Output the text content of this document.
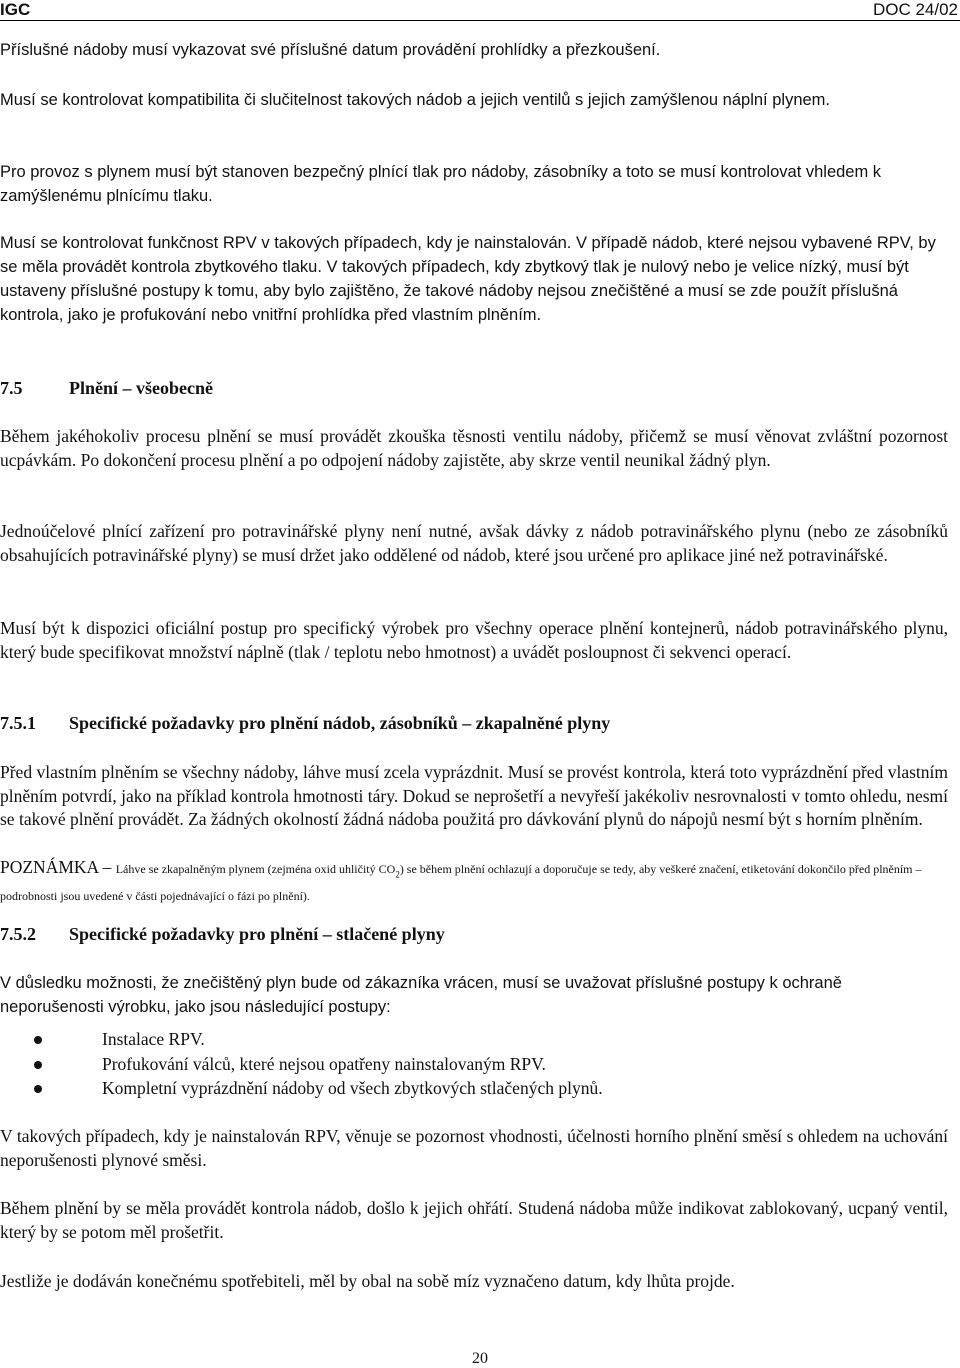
IGC	DOC 24/02
Příslušné nádoby musí vykazovat své příslušné datum provádění prohlídky a přezkoušení.
Musí se kontrolovat kompatibilita či slučitelnost takových nádob a jejich ventilů s jejich zamýšlenou náplní plynem.
Pro provoz s plynem musí být stanoven bezpečný plnící tlak pro nádoby, zásobníky a toto se musí kontrolovat vhledem k zamýšlenému plnícímu tlaku.
Musí se kontrolovat funkčnost RPV v takových případech, kdy je nainstalován. V případě nádob, které nejsou vybavené RPV, by se měla provádět kontrola zbytkového tlaku. V takových případech, kdy zbytkový tlak je nulový nebo je velice nízký, musí být ustaveny příslušné postupy k tomu, aby bylo zajištěno, že takové nádoby nejsou znečištěné a musí se zde použít příslušná kontrola, jako je profukování nebo vnitřní prohlídka před vlastním plněním.
7.5	Plnění – všeobecně
Během jakéhokoliv procesu plnění se musí provádět zkouška těsnosti ventilu nádoby, přičemž se musí věnovat zvláštní pozornost ucpávkám. Po dokončení procesu plnění a po odpojení nádoby zajistěte, aby skrze ventil neunikal žádný plyn.
Jednoúčelové plnící zařízení pro potravinářské plyny není nutné, avšak dávky z nádob potravinářského plynu (nebo ze zásobníků obsahujících potravinářské plyny) se musí držet jako oddělené od nádob, které jsou určené pro aplikace jiné než potravinářské.
Musí být k dispozici oficiální postup pro specifický výrobek pro všechny operace plnění kontejnerů, nádob potravinářského plynu, který bude specifikovat množství náplně (tlak / teplotu nebo hmotnost) a uvádět posloupnost či sekvenci operací.
7.5.1 Specifické požadavky pro plnění nádob, zásobníků – zkapalněné plyny
Před vlastním plněním se všechny nádoby, láhve musí zcela vyprázdnit. Musí se provést kontrola, která toto vyprázdnění před vlastním plněním potvrdí, jako na příklad kontrola hmotnosti táry. Dokud se neprošetří a nevyřeší jakékoliv nesrovnalosti v tomto ohledu, nesmí se takové plnění provádět. Za žádných okolností žádná nádoba použitá pro dávkování plynů do nápojů nesmí být s horním plněním.
POZNÁMKA – Láhve se zkapalněným plynem (zejména oxid uhličitý $CO_2$) se během plnění ochlazují a doporučuje se tedy, aby veškeré značení, etiketování dokončilo před plněním – podrobnosti jsou uvedené v části pojednávající o fázi po plnění).
7.5.2 Specifické požadavky pro plnění – stlačené plyny
V důsledku možnosti, že znečištěný plyn bude od zákazníka vrácen, musí se uvažovat příslušné postupy k ochraně neporušenosti výrobku, jako jsou následující postupy:
Instalace RPV.
Profukování válců, které nejsou opatřeny nainstalovaným RPV.
Kompletní vyprázdnění nádoby od všech zbytkových stlačených plynů.
V takových případech, kdy je nainstalován RPV, věnuje se pozornost vhodnosti, účelnosti horního plnění směsí s ohledem na uchování neporušenosti plynové směsi.
Během plnění by se měla provádět kontrola nádob, došlo k jejich ohřátí. Studená nádoba může indikovat zablokovaný, ucpaný ventil, který by se potom měl prošetřit.
Jestliže je dodáván konečnému spotřebiteli, měl by obal na sobě míz vyznačeno datum, kdy lhůta projde.
20
